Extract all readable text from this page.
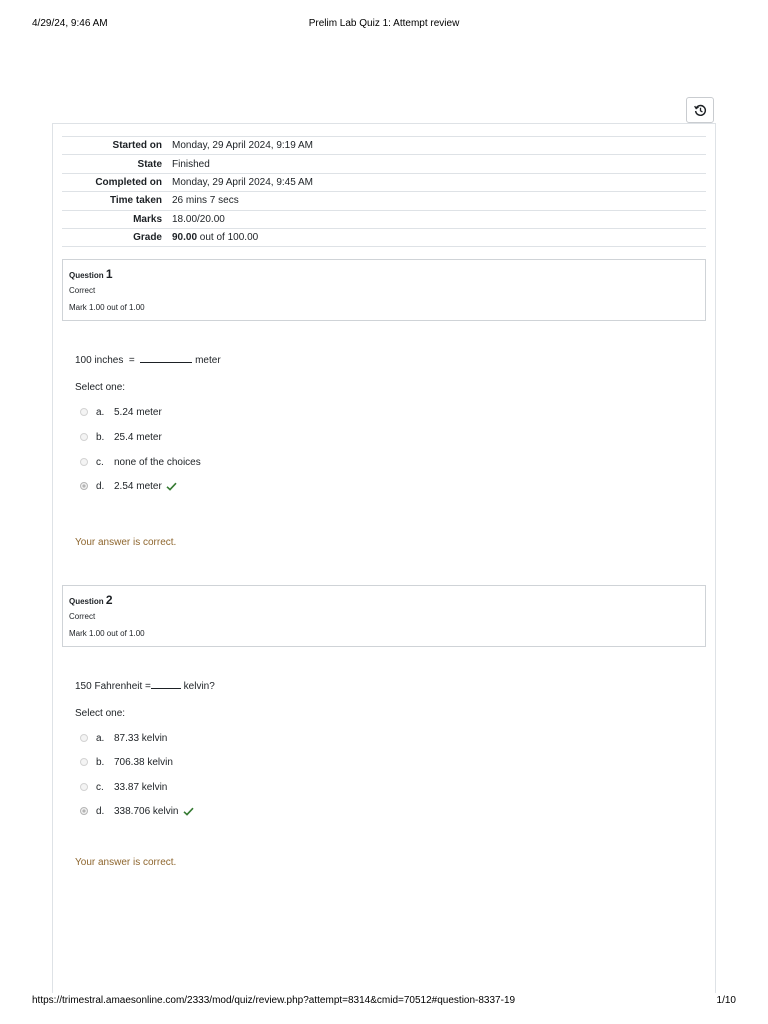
4/29/24, 9:46 AM	Prelim Lab Quiz 1: Attempt review
Started on	Monday, 29 April 2024, 9:19 AM
State	Finished
Completed on	Monday, 29 April 2024, 9:45 AM
Time taken	26 mins 7 secs
Marks	18.00/20.00
Grade	90.00 out of 100.00
Question 1
Correct
Mark 1.00 out of 1.00
100 inches  =	meter
Select one:
a. 5.24 meter
b. 25.4 meter
c.	none of the choices
d. 2.54 meter
Your answer is correct.
Question 2
Correct
Mark 1.00 out of 1.00
150 Fahrenheit =	kelvin?
Select one:
a. 87.33 kelvin
b. 706.38 kelvin
c.	33.87 kelvin
d. 338.706 kelvin
Your answer is correct.
https://trimestral.amaesonline.com/2333/mod/quiz/review.php?attempt=8314&cmid=70512#question-8337-19	1/10
